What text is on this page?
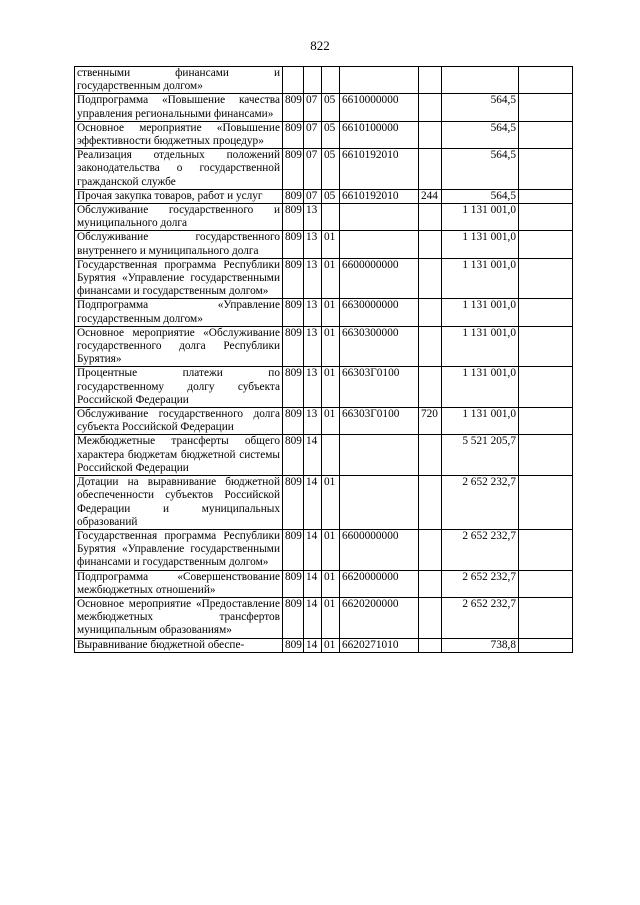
822
ственными финансами и государственным долгом»							
Подпрограмма «Повышение качества управления региональными финансами»	809	07	05	6610000000		564,5	
Основное мероприятие «Повышение эффективности бюджетных процедур»	809	07	05	6610100000		564,5	
Реализация отдельных положений законодательства о государственной гражданской службе	809	07	05	6610192010		564,5	
Прочая закупка товаров, работ и услуг	809	07	05	6610192010	244	564,5	
Обслуживание государственного и муниципального долга	809	13				1 131 001,0	
Обслуживание государственного внутреннего и муниципального долга	809	13	01			1 131 001,0	
Государственная программа Республики Бурятия «Управление государственными финансами и государственным долгом»	809	13	01	6600000000		1 131 001,0	
Подпрограмма «Управление государственным долгом»	809	13	01	6630000000		1 131 001,0	
Основное мероприятие «Обслуживание государственного долга Республики Бурятия»	809	13	01	6630300000		1 131 001,0	
Процентные платежи по государственному долгу субъекта Российской Федерации	809	13	01	66303Г0100		1 131 001,0	
Обслуживание государственного долга субъекта Российской Федерации	809	13	01	66303Г0100	720	1 131 001,0	
Межбюджетные трансферты общего характера бюджетам бюджетной системы Российской Федерации	809	14				5 521 205,7	
Дотации на выравнивание бюджетной обеспеченности субъектов Российской Федерации и муниципальных образований	809	14	01			2 652 232,7	
Государственная программа Республики Бурятия «Управление государственными финансами и государственным долгом»	809	14	01	6600000000		2 652 232,7	
Подпрограмма «Совершенствование межбюджетных отношений»	809	14	01	6620000000		2 652 232,7	
Основное мероприятие «Предоставление межбюджетных трансфертов муниципальным образованиям»	809	14	01	6620200000		2 652 232,7	
Выравнивание бюджетной обеспе-	809	14	01	6620271010		738,8	
